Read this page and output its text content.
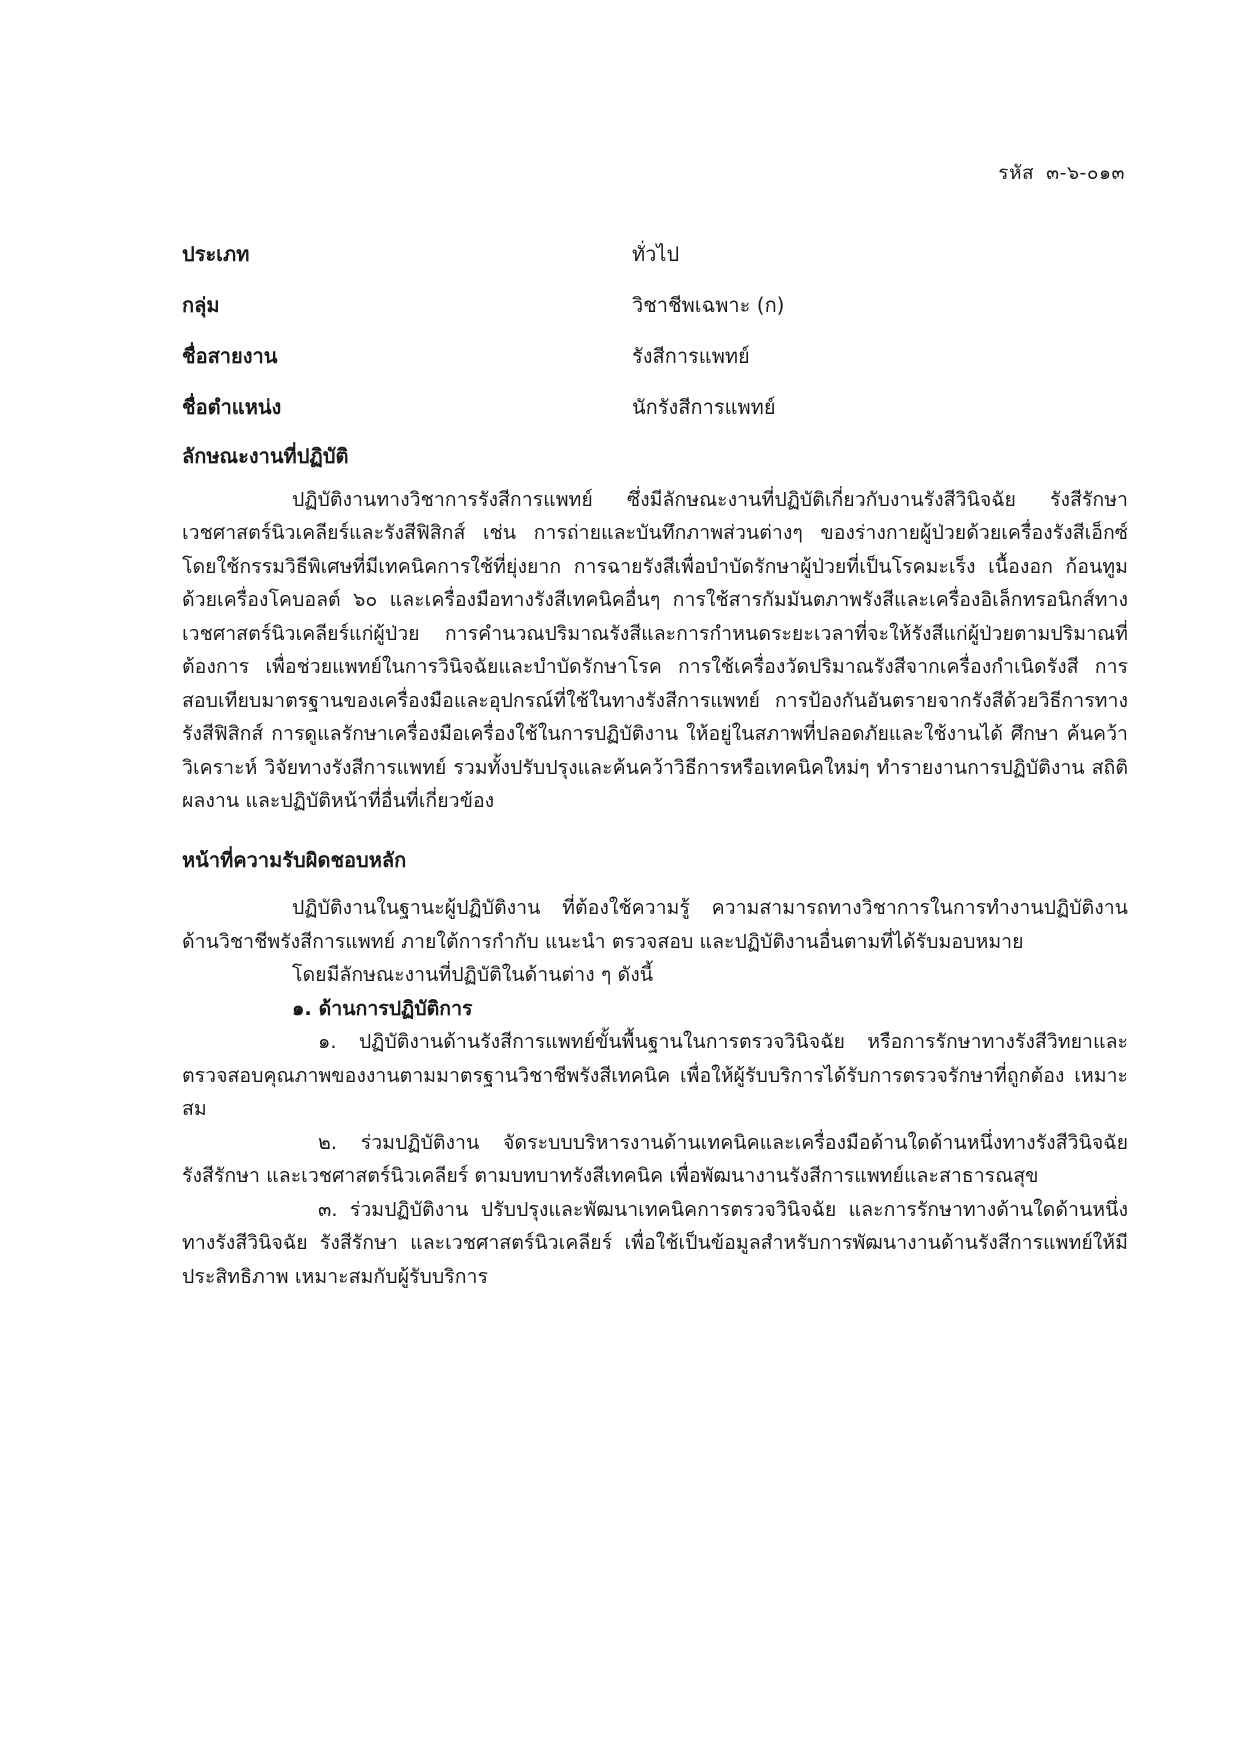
รหัส ๓-๖-๐๑๓
ประเภท	ทั่วไป
กลุ่ม	วิชาชีพเฉพาะ (ก)
ชื่อสายงาน	รังสีการแพทย์
ชื่อตำแหน่ง	นักรังสีการแพทย์

ลักษณะงานที่ปฏิบัติ

ปฏิบัติงานทางวิชาการรังสีการแพทย์ ซึ่งมีลักษณะงานที่ปฏิบัติเกี่ยวกับงานรังสีวินิจฉัย รังสีรักษา เวชศาสตร์นิวเคลียร์และรังสีฟิสิกส์ เช่น การถ่ายและบันทึกภาพส่วนต่างๆ ของร่างกายผู้ป่วยด้วยเครื่องรังสีเอ็กซ์ โดยใช้กรรมวิธีพิเศษที่มีเทคนิคการใช้ที่ยุ่งยาก การฉายรังสีเพื่อบำบัดรักษาผู้ป่วยที่เป็นโรคมะเร็ง เนื้องอก ก้อนทูม ด้วยเครื่องโคบอลต์ ๖๐ และเครื่องมือทางรังสีเทคนิคอื่นๆ การใช้สารกัมมันตภาพรังสีและเครื่องอิเล็กทรอนิกส์ทางเวชศาสตร์นิวเคลียร์แก่ผู้ป่วย การคำนวณปริมาณรังสีและการกำหนดระยะเวลาที่จะให้รังสีแก่ผู้ป่วยตามปริมาณที่ต้องการ เพื่อช่วยแพทย์ในการวินิจฉัยและบำบัดรักษาโรค การใช้เครื่องวัดปริมาณรังสีจากเครื่องกำเนิดรังสี การสอบเทียบมาตรฐานของเครื่องมือและอุปกรณ์ที่ใช้ในทางรังสีการแพทย์ การป้องกันอันตรายจากรังสีด้วยวิธีการทางรังสีฟิสิกส์ การดูแลรักษาเครื่องมือเครื่องใช้ในการปฏิบัติงาน ให้อยู่ในสภาพที่ปลอดภัยและใช้งานได้ ศึกษา ค้นคว้า วิเคราะห์ วิจัยทางรังสีการแพทย์ รวมทั้งปรับปรุงและค้นคว้าวิธีการหรือเทคนิคใหม่ๆ ทำรายงานการปฏิบัติงาน สถิติผลงาน และปฏิบัติหน้าที่อื่นที่เกี่ยวข้อง

หน้าที่ความรับผิดชอบหลัก

ปฏิบัติงานในฐานะผู้ปฏิบัติงาน ที่ต้องใช้ความรู้ ความสามารถทางวิชาการในการทำงานปฏิบัติงานด้านวิชาชีพรังสีการแพทย์ ภายใต้การกำกับ แนะนำ ตรวจสอบ และปฏิบัติงานอื่นตามที่ได้รับมอบหมาย

โดยมีลักษณะงานที่ปฏิบัติในด้านต่าง ๆ ดังนี้

๑. ด้านการปฏิบัติการ

๑. ปฏิบัติงานด้านรังสีการแพทย์ขั้นพื้นฐานในการตรวจวินิจฉัย หรือการรักษาทางรังสีวิทยาและตรวจสอบคุณภาพของงานตามมาตรฐานวิชาชีพรังสีเทคนิค เพื่อให้ผู้รับบริการได้รับการตรวจรักษาที่ถูกต้อง เหมาะสม

๒. ร่วมปฏิบัติงาน จัดระบบบริหารงานด้านเทคนิคและเครื่องมือด้านใดด้านหนึ่งทางรังสีวินิจฉัย รังสีรักษา และเวชศาสตร์นิวเคลียร์ ตามบทบาทรังสีเทคนิค เพื่อพัฒนางานรังสีการแพทย์และสาธารณสุข

๓. ร่วมปฏิบัติงาน ปรับปรุงและพัฒนาเทคนิคการตรวจวินิจฉัย และการรักษาทางด้านใดด้านหนึ่งทางรังสีวินิจฉัย รังสีรักษา และเวชศาสตร์นิวเคลียร์ เพื่อใช้เป็นข้อมูลสำหรับการพัฒนางานด้านรังสีการแพทย์ให้มีประสิทธิภาพ เหมาะสมกับผู้รับบริการ
